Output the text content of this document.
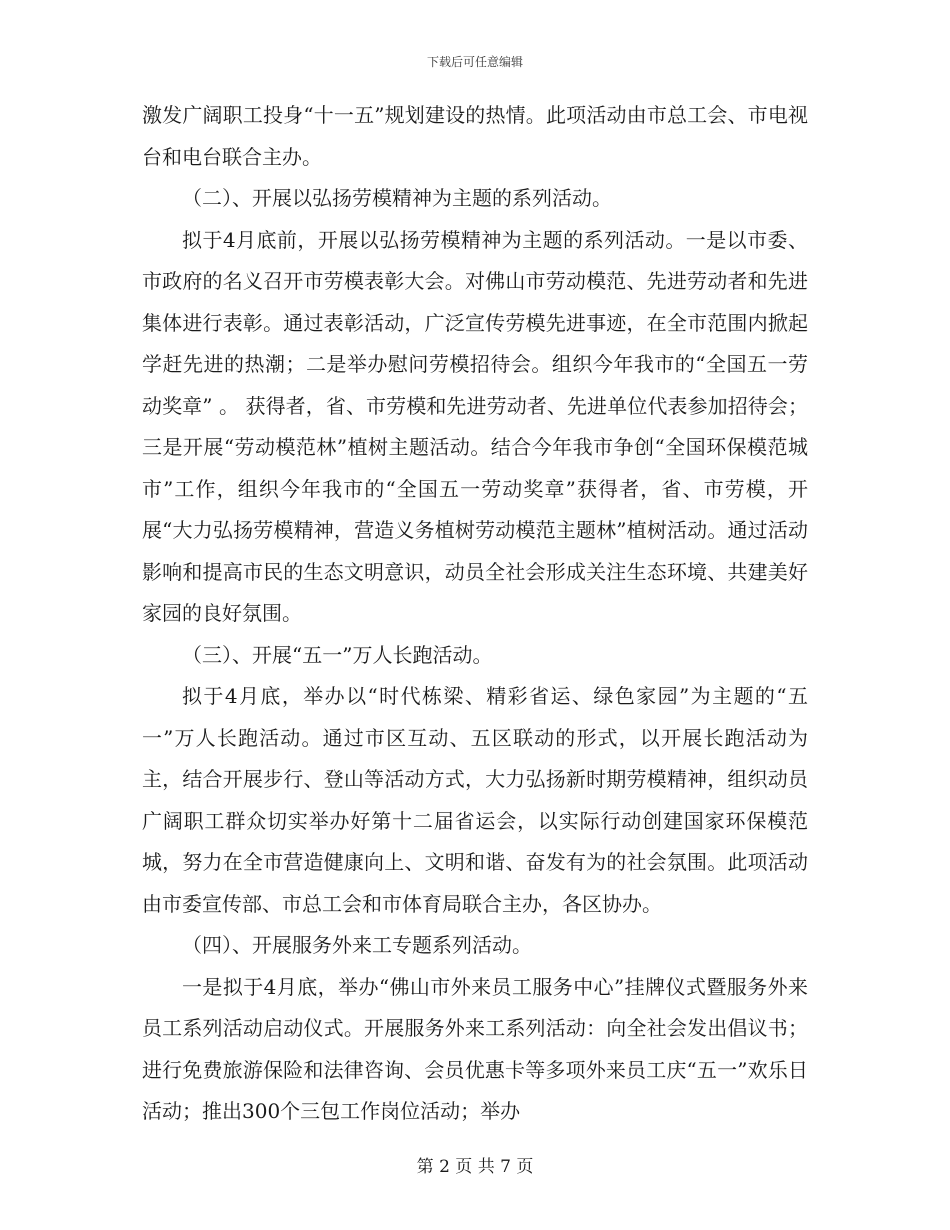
下载后可任意编辑

激发广阔职工投身“十一五”规划建设的热情。此项活动由市总工会、市电视台和电台联合主办。

（二）、开展以弘扬劳模精神为主题的系列活动。

拟于4月底前，开展以弘扬劳模精神为主题的系列活动。一是以市委、市政府的名义召开市劳模表彰大会。对佛山市劳动模范、先进劳动者和先进集体进行表彰。通过表彰活动，广泛宣传劳模先进事迹，在全市范围内掀起学赶先进的热潮；二是举办慰问劳模招待会。组织今年我市的“全国五一劳动奖章” 。 获得者，省、市劳模和先进劳动者、先进单位代表参加招待会；三是开展“劳动模范林”植树主题活动。结合今年我市争创“全国环保模范城市”工作，组织今年我市的“全国五一劳动奖章”获得者，省、市劳模，开展“大力弘扬劳模精神，营造义务植树劳动模范主题林”植树活动。通过活动影响和提高市民的生态文明意识，动员全社会形成关注生态环境、共建美好家园的良好氛围。

（三）、开展“五一”万人长跑活动。

拟于4月底，举办以“时代栋梁、精彩省运、绿色家园”为主题的“五一”万人长跑活动。通过市区互动、五区联动的形式，以开展长跑活动为主，结合开展步行、登山等活动方式，大力弘扬新时期劳模精神，组织动员广阔职工群众切实举办好第十二届省运会，以实际行动创建国家环保模范城，努力在全市营造健康向上、文明和谐、奋发有为的社会氛围。此项活动由市委宣传部、市总工会和市体育局联合主办，各区协办。

（四）、开展服务外来工专题系列活动。

一是拟于4月底，举办“佛山市外来员工服务中心”挂牌仪式暨服务外来员工系列活动启动仪式。开展服务外来工系列活动：向全社会发出倡议书；进行免费旅游保险和法律咨询、会员优惠卡等多项外来员工庆“五一”欢乐日活动；推出300个三包工作岗位活动；举办

第 2 页 共 7 页
